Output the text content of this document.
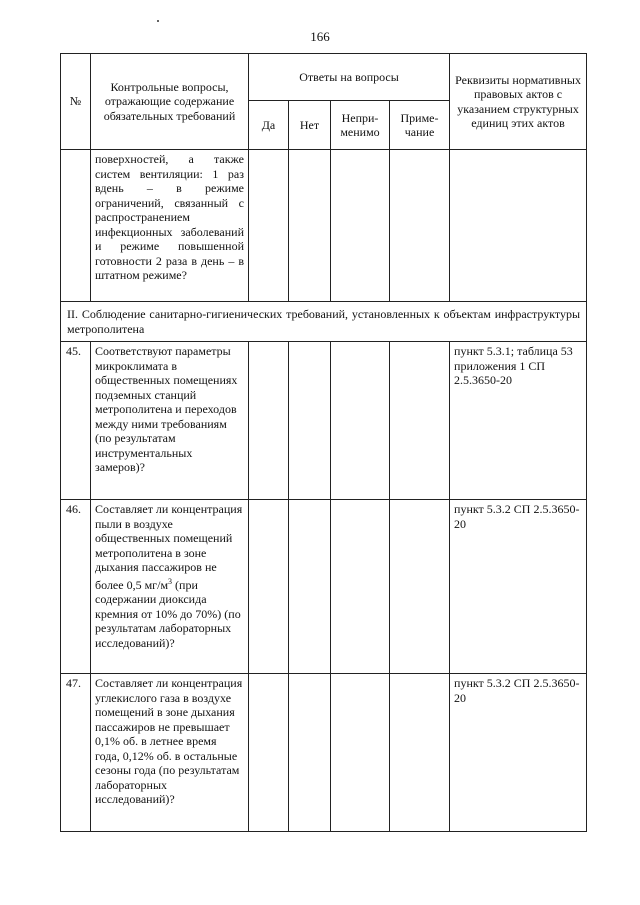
166
№	Контрольные вопросы, отражающие содержание обязательных требований	Ответы на вопросы				Реквизиты нормативных правовых актов с указанием структурных единиц этих актов
		Да	Нет	Непри-менимо	Приме-чание	
	поверхностей, а также систем вентиляции: 1 раз вдень – в режиме ограничений, связанный с распространением инфекционных заболеваний и режиме повышенной готовности 2 раза в день – в штатном режиме?					
II. Соблюдение санитарно-гигиенических требований, установленных к объектам инфраструктуры метрополитена						
45.	Соответствуют параметры микроклимата в общественных помещениях подземных станций метрополитена и переходов между ними требованиям (по результатам инструментальных замеров)?					пункт 5.3.1; таблица 53 приложения 1 СП 2.5.3650-20
46.	Составляет ли концентрация пыли в воздухе общественных помещений метрополитена в зоне дыхания пассажиров не более 0,5 $мг/м^3$ (при содержании диоксида кремния от 10% до 70%) (по результатам лабораторных исследований)?					пункт 5.3.2 СП 2.5.3650-20
47.	Составляет ли концентрация углекислого газа в воздухе помещений в зоне дыхания пассажиров не превышает 0,1% об. в летнее время года, 0,12% об. в остальные сезоны года (по результатам лабораторных исследований)?					пункт 5.3.2 СП 2.5.3650-20
